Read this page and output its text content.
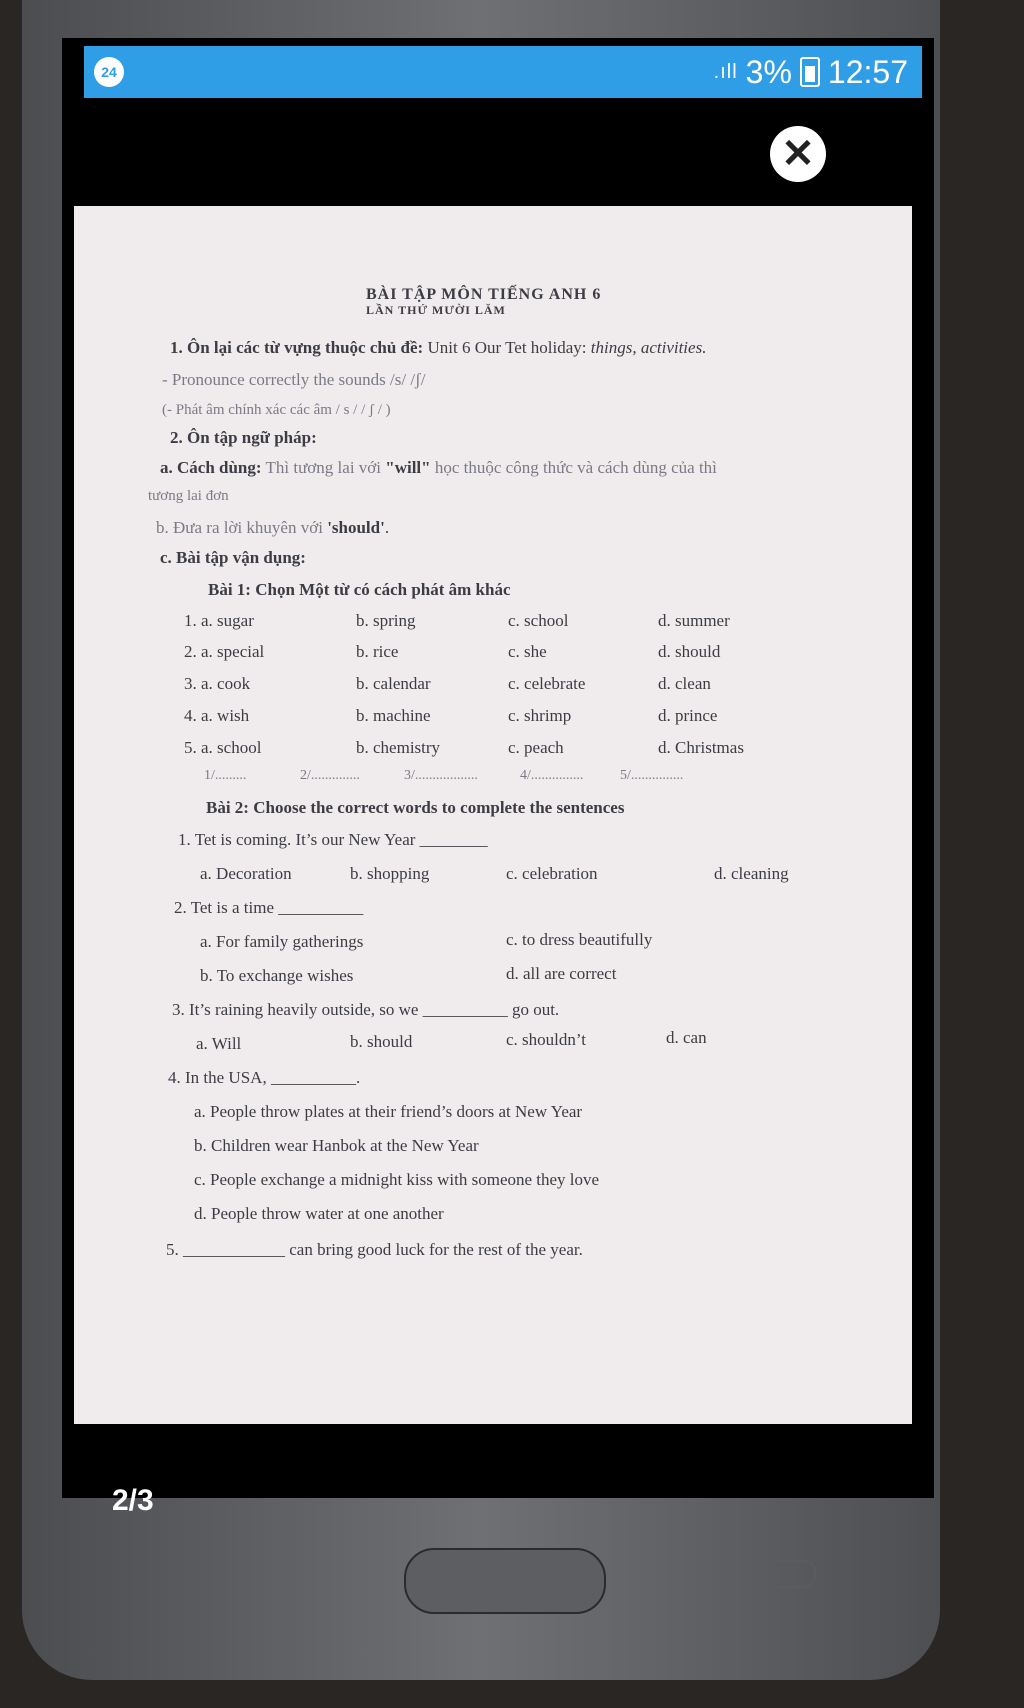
24	.ıll 3% 12:57
✕
BÀI TẬP MÔN TIẾNG ANH 6
LẦN THỨ MƯỜI LĂM
1. Ôn lại các từ vựng thuộc chủ đề: Unit 6 Our Tet holiday: things, activities.
- Pronounce correctly the sounds /s/ /ʃ/
(- Phát âm chính xác các âm / s / / ʃ / )
2. Ôn tập ngữ pháp:
a. Cách dùng: Thì tương lai với "will" học thuộc công thức và cách dùng của thì
tương lai đơn
b. Đưa ra lời khuyên với 'should'.
c. Bài tập vận dụng:
Bài 1: Chọn Một từ có cách phát âm khác
1. a. sugar	b. spring	c. school	d. summer
2. a. special	b. rice	c. she	d. should
3. a. cook	b. calendar	c. celebrate	d. clean
4. a. wish	b. machine	c. shrimp	d. prince
5. a. school	b. chemistry	c. peach	d. Christmas
1/.........	2/..............	3/..................	4/...............	5/...............
Bài 2: Choose the correct words to complete the sentences
1. Tet is coming. It’s our New Year ________
a. Decoration	b. shopping	c. celebration	d. cleaning
2. Tet is a time __________
a. For family gatherings	c. to dress beautifully
b. To exchange wishes	d. all are correct
3. It’s raining heavily outside, so we __________ go out.
a. Will	b. should	c. shouldn’t	d. can
4. In the USA, __________.
a. People throw plates at their friend’s doors at New Year
b. Children wear Hanbok at the New Year
c. People exchange a midnight kiss with someone they love
d. People throw water at one another
5. ____________ can bring good luck for the rest of the year.
2/3
